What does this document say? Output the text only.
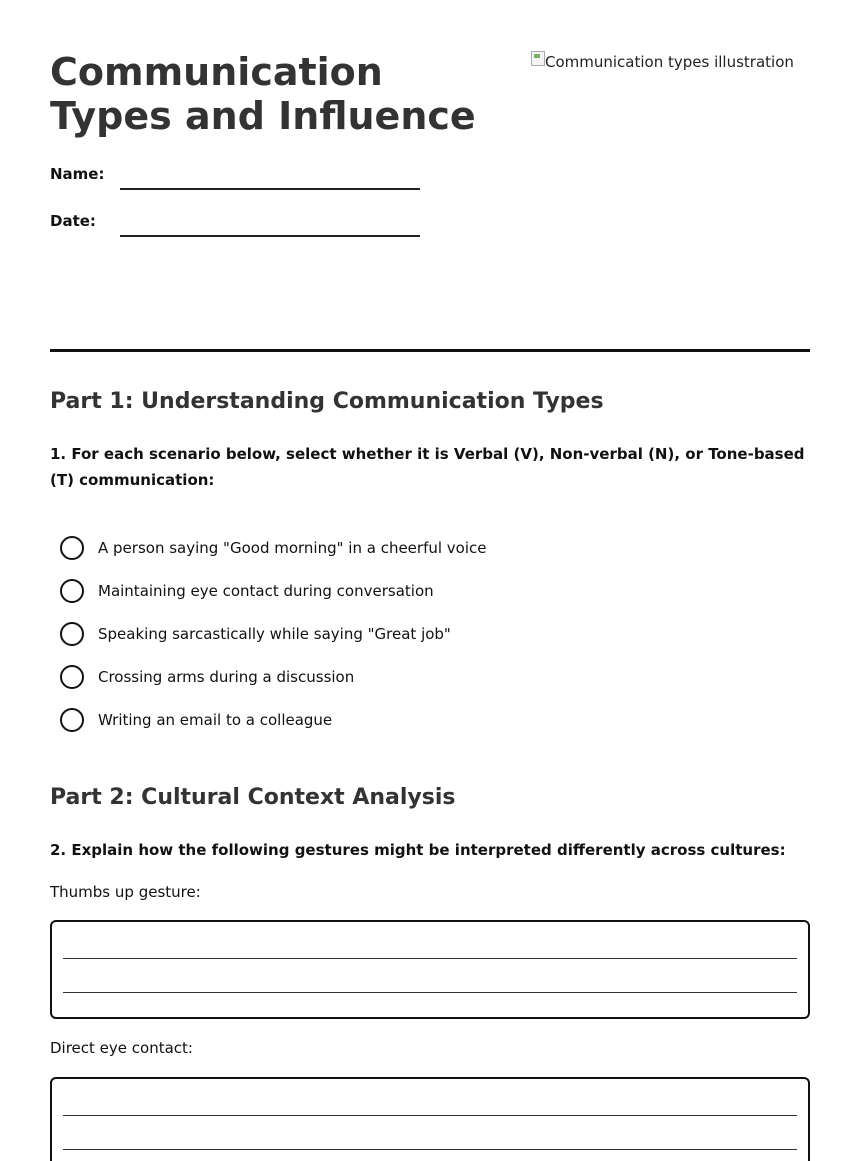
Communication Types and Influence
Communication types illustration
Name:
Date:
Part 1: Understanding Communication Types
1. For each scenario below, select whether it is Verbal (V), Non-verbal (N), or Tone-based (T) communication:
A person saying "Good morning" in a cheerful voice
Maintaining eye contact during conversation
Speaking sarcastically while saying "Great job"
Crossing arms during a discussion
Writing an email to a colleague
Part 2: Cultural Context Analysis
2. Explain how the following gestures might be interpreted differently across cultures:
Thumbs up gesture:
Direct eye contact:
